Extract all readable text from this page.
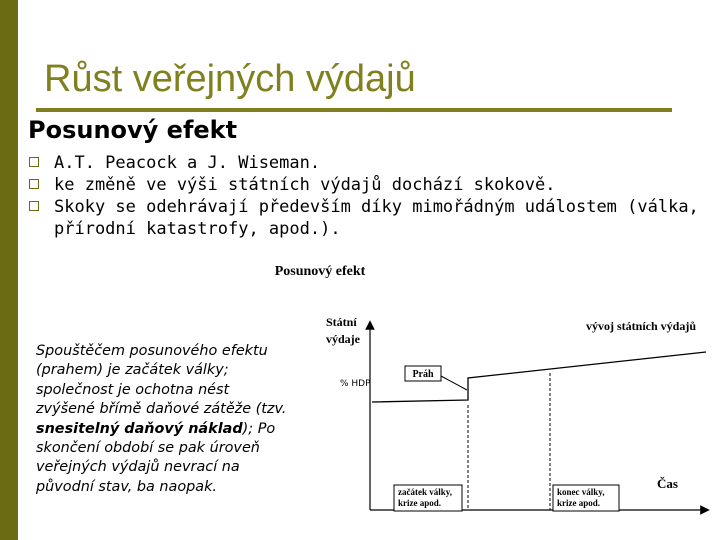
Růst veřejných výdajů
Posunový efekt
A.T. Peacock a J. Wiseman.
ke změně ve výši státních výdajů dochází skokově.
Skoky se odehrávají především díky mimořádným událostem (válka, přírodní katastrofy, apod.).
Spouštěčem posunového efektu (prahem) je začátek války; společnost je ochotna nést zvýšené břímě daňové zátěže (tzv. snesitelný daňový náklad); Po skončení období se pak úroveň veřejných výdajů nevrací na původní stav, ba naopak.
Posunový efekt
Státní
výdaje
vývoj státních výdajů
% HDP
Práh
začátek války,
krize apod.
konec války,
krize apod.
Čas
